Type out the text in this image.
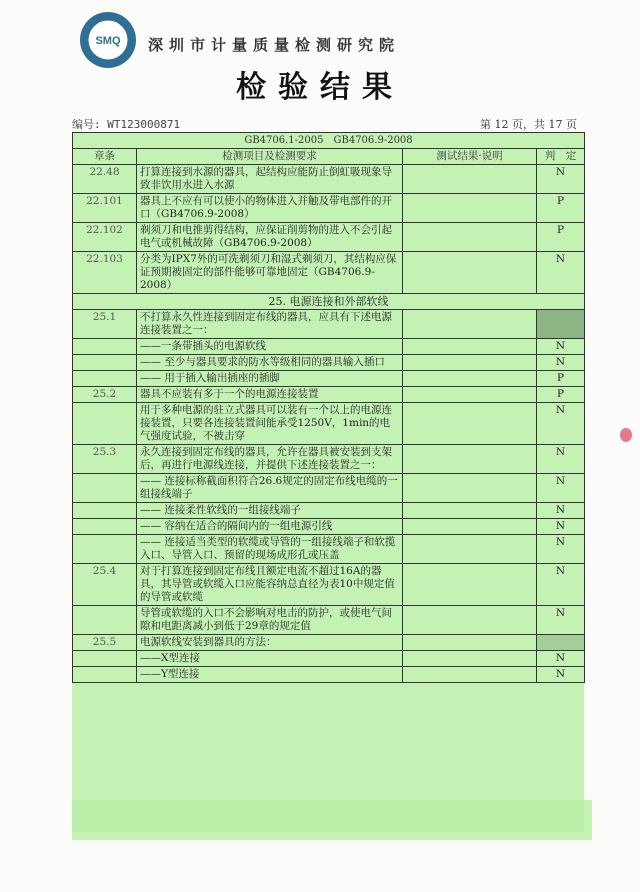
SMQ 深圳市计量质量检测研究院
检验结果
编号: WT123000871	第 12 页，共 17 页
GB4706.1-2005　GB4706.9-2008			
章条	检测项目及检测要求	测试结果·说明	判　定
22.48	打算连接到水源的器具，起结构应能防止倒虹吸现象导致非饮用水进入水源		N
22.101	器具上不应有可以使小的物体进入并触及带电部件的开口（GB4706.9-2008）		P
22.102	剃须刀和电推剪得结构，应保证削剪物的进入不会引起电气或机械故障（GB4706.9-2008）		P
22.103	分类为IPX7外的可洗剃须刀和湿式剃须刀，其结构应保证预期被固定的部件能够可靠地固定（GB4706.9-2008）		N
25. 电源连接和外部软线			
25.1	不打算永久性连接到固定布线的器具，应具有下述电源连接装置之一：		
	——一条带插头的电源软线		N
	—— 至少与器具要求的防水等级相同的器具输入插口		N
	—— 用于插入输出插座的插脚		P
25.2	器具不应装有多于一个的电源连接装置		P
	用于多种电源的驻立式器具可以装有一个以上的电源连接装置，只要各连接装置间能承受1250V，1min的电气强度试验，不被击穿		N
25.3	永久连接到固定布线的器具，允许在器具被安装到支架后，再进行电源线连接，并提供下述连接装置之一：		N
	—— 连接标称截面积符合26.6规定的固定布线电缆的一组接线端子		N
	—— 连接柔性软线的一组接线端子		N
	—— 容纳在适合的隔间内的一组电源引线		N
	—— 连接适当类型的软缆或导管的一组接线端子和软揽入口、导管入口、预留的现场成形孔或压盖		N
25.4	对于打算连接到固定布线且额定电流不超过16A的器具，其导管或软缆入口应能容纳总直径为表10中规定值的导管或软缆		N
	导管或软缆的入口不会影响对电击的防护，或使电气间隙和电距离减小到低于29章的规定值		N
25.5	电源软线安装到器具的方法：		
	——X型连接		N
	——Y型连接		N
